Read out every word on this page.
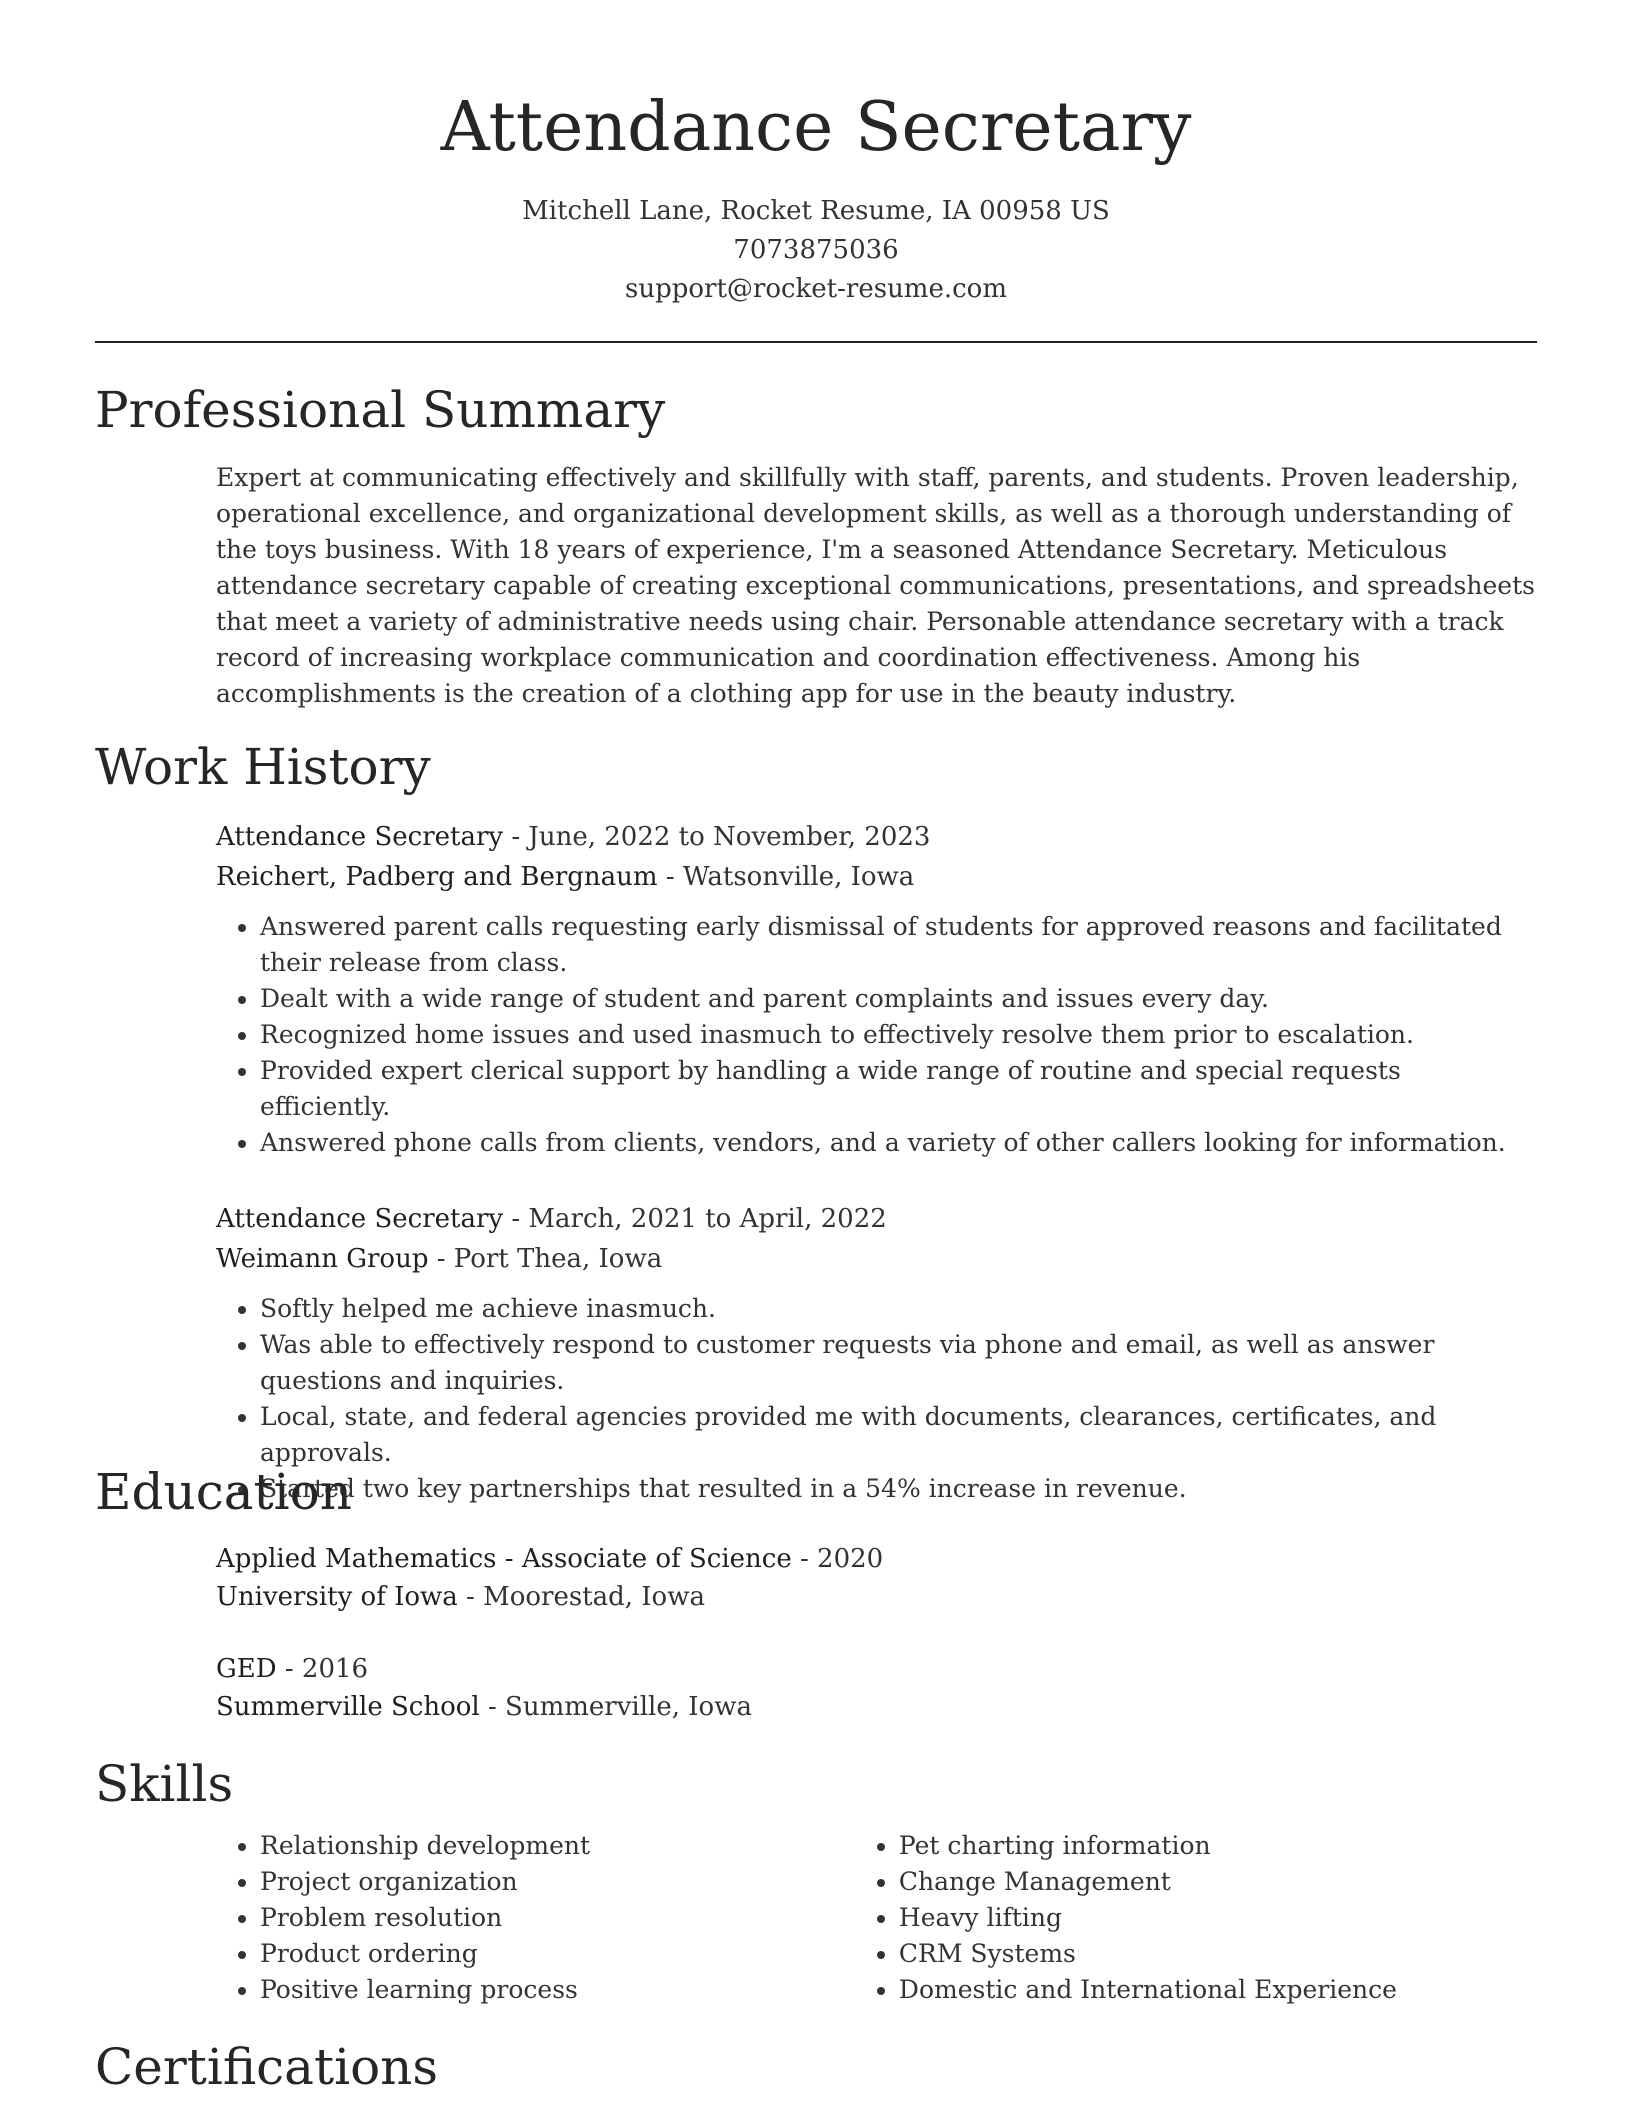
Attendance Secretary
Mitchell Lane, Rocket Resume, IA 00958 US
7073875036
support@rocket-resume.com
Professional Summary
Expert at communicating effectively and skillfully with staff, parents, and students. Proven leadership, operational excellence, and organizational development skills, as well as a thorough understanding of the toys business. With 18 years of experience, I'm a seasoned Attendance Secretary. Meticulous attendance secretary capable of creating exceptional communications, presentations, and spreadsheets that meet a variety of administrative needs using chair. Personable attendance secretary with a track record of increasing workplace communication and coordination effectiveness. Among his accomplishments is the creation of a clothing app for use in the beauty industry.
Work History
Attendance Secretary - June, 2022 to November, 2023
Reichert, Padberg and Bergnaum - Watsonville, Iowa
• Answered parent calls requesting early dismissal of students for approved reasons and facilitated their release from class.
• Dealt with a wide range of student and parent complaints and issues every day.
• Recognized home issues and used inasmuch to effectively resolve them prior to escalation.
• Provided expert clerical support by handling a wide range of routine and special requests efficiently.
• Answered phone calls from clients, vendors, and a variety of other callers looking for information.
Attendance Secretary - March, 2021 to April, 2022
Weimann Group - Port Thea, Iowa
• Softly helped me achieve inasmuch.
• Was able to effectively respond to customer requests via phone and email, as well as answer questions and inquiries.
• Local, state, and federal agencies provided me with documents, clearances, certificates, and approvals.
• Started two key partnerships that resulted in a 54% increase in revenue.
Education
Applied Mathematics - Associate of Science - 2020
University of Iowa - Moorestad, Iowa
GED - 2016
Summerville School - Summerville, Iowa
Skills
• Relationship development
• Project organization
• Problem resolution
• Product ordering
• Positive learning process
• Pet charting information
• Change Management
• Heavy lifting
• CRM Systems
• Domestic and International Experience
Certifications
